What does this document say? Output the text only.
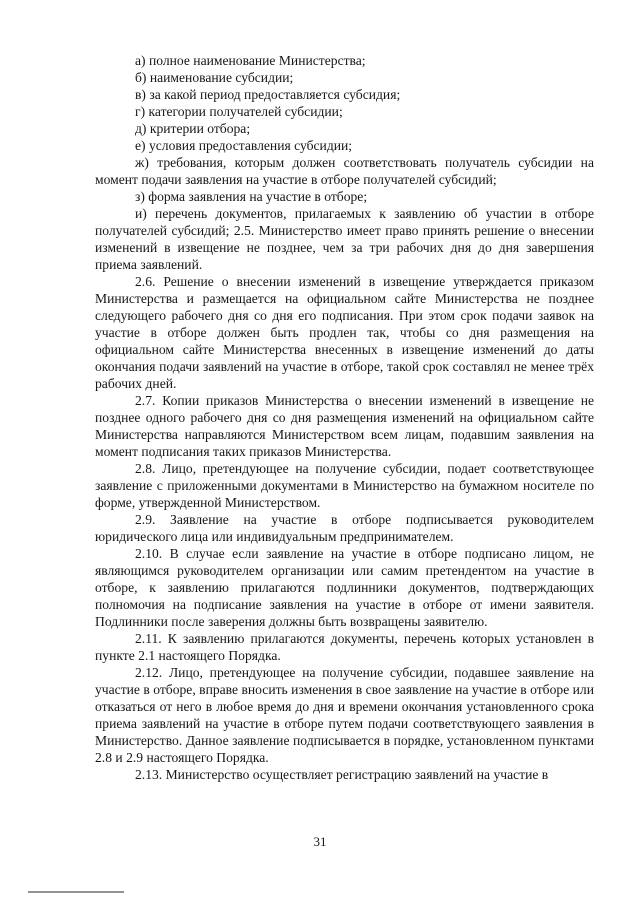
а) полное наименование Министерства;

б) наименование субсидии;

в) за какой период предоставляется субсидия;

г) категории получателей субсидии;

д) критерии отбора;

е) условия предоставления субсидии;

ж) требования, которым должен соответствовать получатель субсидии на момент подачи заявления на участие в отборе получателей субсидий;

з) форма заявления на участие в отборе;

и) перечень документов, прилагаемых к заявлению об участии в отборе получателей субсидий; 2.5. Министерство имеет право принять решение о внесении изменений в извещение не позднее, чем за три рабочих дня до дня завершения приема заявлений.

2.6. Решение о внесении изменений в извещение утверждается приказом Министерства и размещается на официальном сайте Министерства не позднее следующего рабочего дня со дня его подписания. При этом срок подачи заявок на участие в отборе должен быть продлен так, чтобы со дня размещения на официальном сайте Министерства внесенных в извещение изменений до даты окончания подачи заявлений на участие в отборе, такой срок составлял не менее трёх рабочих дней.

2.7. Копии приказов Министерства о внесении изменений в извещение не позднее одного рабочего дня со дня размещения изменений на официальном сайте Министерства направляются Министерством всем лицам, подавшим заявления на момент подписания таких приказов Министерства.

2.8. Лицо, претендующее на получение субсидии, подает соответствующее заявление с приложенными документами в Министерство на бумажном носителе по форме, утвержденной Министерством.

2.9. Заявление на участие в отборе подписывается руководителем юридического лица или индивидуальным предпринимателем.

2.10. В случае если заявление на участие в отборе подписано лицом, не являющимся руководителем организации или самим претендентом на участие в отборе, к заявлению прилагаются подлинники документов, подтверждающих полномочия на подписание заявления на участие в отборе от имени заявителя. Подлинники после заверения должны быть возвращены заявителю.

2.11. К заявлению прилагаются документы, перечень которых установлен в пункте 2.1 настоящего Порядка.

2.12. Лицо, претендующее на получение субсидии, подавшее заявление на участие в отборе, вправе вносить изменения в свое заявление на участие в отборе или отказаться от него в любое время до дня и времени окончания установленного срока приема заявлений на участие в отборе путем подачи соответствующего заявления в Министерство. Данное заявление подписывается в порядке, установленном пунктами 2.8 и 2.9 настоящего Порядка.

2.13. Министерство осуществляет регистрацию заявлений на участие в

31
